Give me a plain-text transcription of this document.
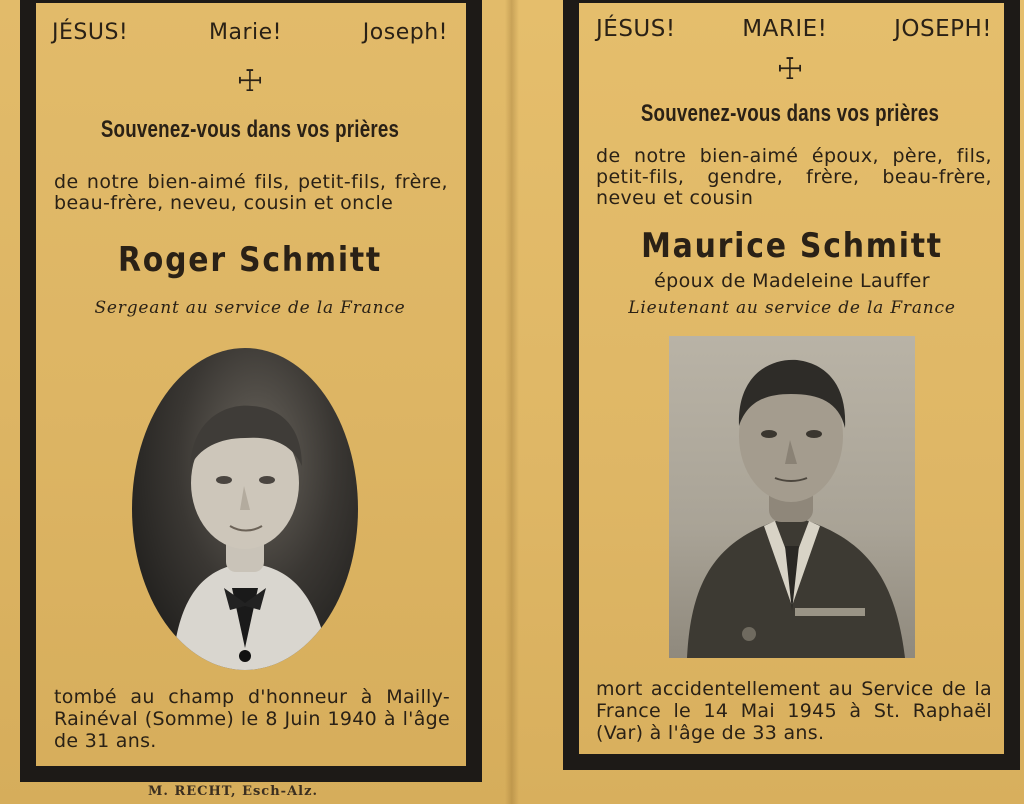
JÉSUS!	Marie!	Joseph!
☩
Souvenez-vous dans vos prières
de notre bien-aimé fils, petit-fils, frère, beau-frère, neveu, cousin et oncle
Roger Schmitt
Sergeant au service de la France
tombé au champ d'honneur à Mailly-Rainéval (Somme) le 8 Juin 1940 à l'âge de 31 ans.
M. RECHT, Esch-Alz.
JÉSUS!	MARIE!	JOSEPH!
☩
Souvenez-vous dans vos prières
de notre bien-aimé époux, père, fils, petit-fils, gendre, frère, beau-frère, neveu et cousin
Maurice Schmitt
époux de Madeleine Lauffer
Lieutenant au service de la France
mort accidentellement au Service de la France le 14 Mai 1945 à St. Raphaël (Var) à l'âge de 33 ans.
